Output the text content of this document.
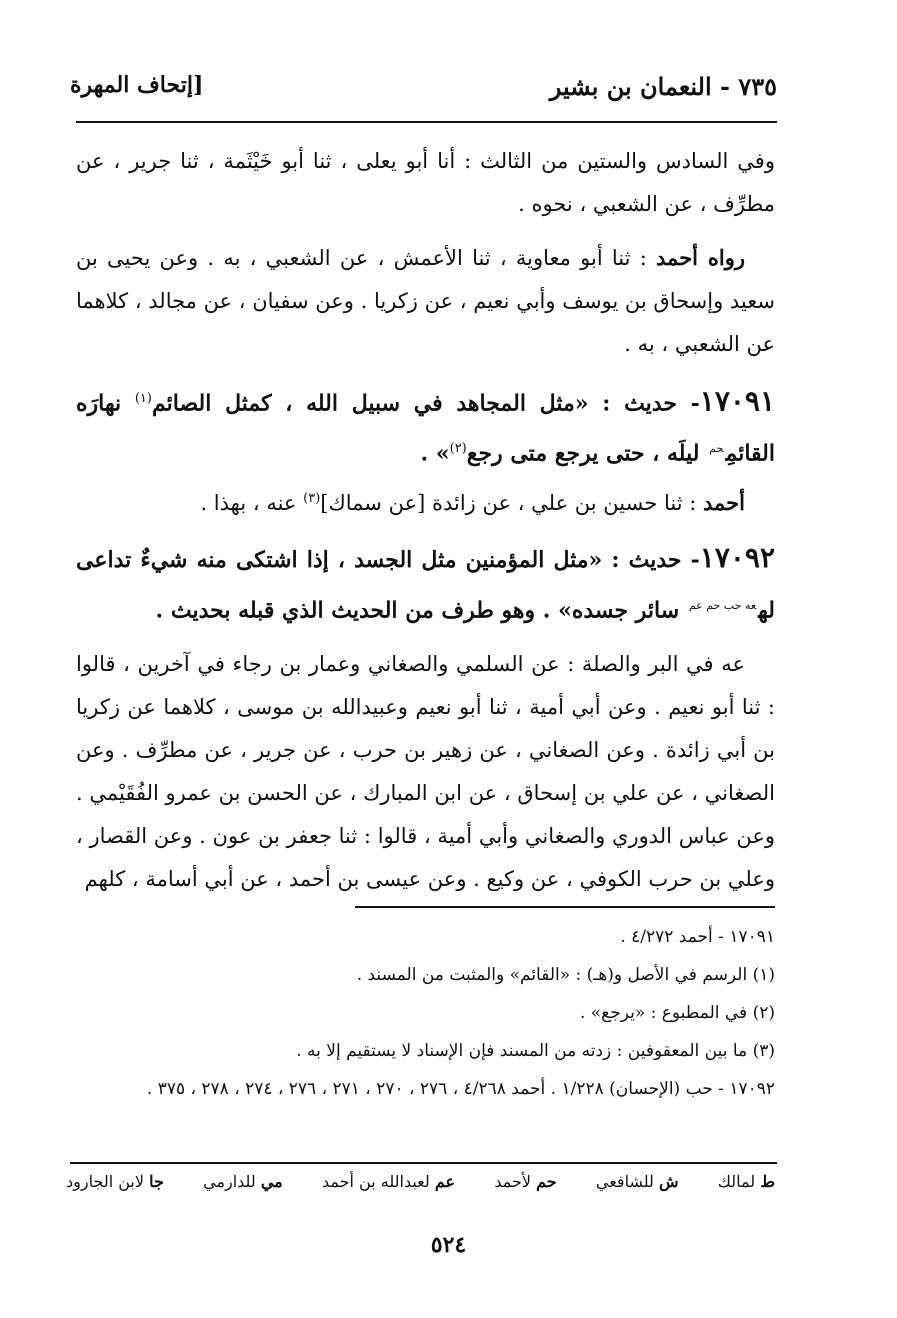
٧٣٥ - النعمان بن بشير
[إتحاف المهرة

وفي السادس والستين من الثالث : أنا أبو يعلى ، ثنا أبو خَيْثَمة ، ثنا جرير ، عن مطرِّف ، عن الشعبي ، نحوه .

رواه أحمد : ثنا أبو معاوية ، ثنا الأعمش ، عن الشعبي ، به . وعن يحيى بن سعيد وإسحاق بن يوسف وأبي نعيم ، عن زكريا . وعن سفيان ، عن مجالد ، كلاهما عن الشعبي ، به .

١٧٠٩١- حديث : «مثل المجاهد في سبيل الله ، كمثل الصائم$^{(١)}$ نهارَه القائمِ$^{حم}$ ليلَه ، حتى يرجع متى رجع$^{(٢)}$» .

أحمد : ثنا حسين بن علي ، عن زائدة [عن سماك]$^{(٣)}$ عنه ، بهذا .

١٧٠٩٢- حديث : «مثل المؤمنين مثل الجسد ، إذا اشتكى منه شيءٌ تداعى له$^{عه حب حم عم}$ سائر جسده» . وهو طرف من الحديث الذي قبله بحديث .

عه في البر والصلة : عن السلمي والصغاني وعمار بن رجاء في آخرين ، قالوا : ثنا أبو نعيم . وعن أبي أمية ، ثنا أبو نعيم وعبيدالله بن موسى ، كلاهما عن زكريا بن أبي زائدة . وعن الصغاني ، عن زهير بن حرب ، عن جرير ، عن مطرِّف . وعن الصغاني ، عن علي بن إسحاق ، عن ابن المبارك ، عن الحسن بن عمرو الفُقَيْمي . وعن عباس الدوري والصغاني وأبي أمية ، قالوا : ثنا جعفر بن عون . وعن القصار ، وعلي بن حرب الكوفي ، عن وكيع . وعن عيسى بن أحمد ، عن أبي أسامة ، كلهم

١٧٠٩١ - أحمد ٤/٢٧٢ .

(١) الرسم في الأصل و(هـ) : «القائم» والمثبت من المسند .

(٢) في المطبوع : «يرجع» .

(٣) ما بين المعقوفين : زدته من المسند فإن الإسناد لا يستقيم إلا به .

١٧٠٩٢ - حب (الإحسان) ١/٢٢٨ . أحمد ٤/٢٦٨ ، ٢٧٦ ، ٢٧٠ ، ٢٧١ ، ٢٧٦ ، ٢٧٤ ، ٢٧٨ ، ٣٧٥ .

ط لمالك
ش للشافعي
حم لأحمد
عم لعبدالله بن أحمد
مي للدارمي
جا لابن الجارود
٥٢٤
